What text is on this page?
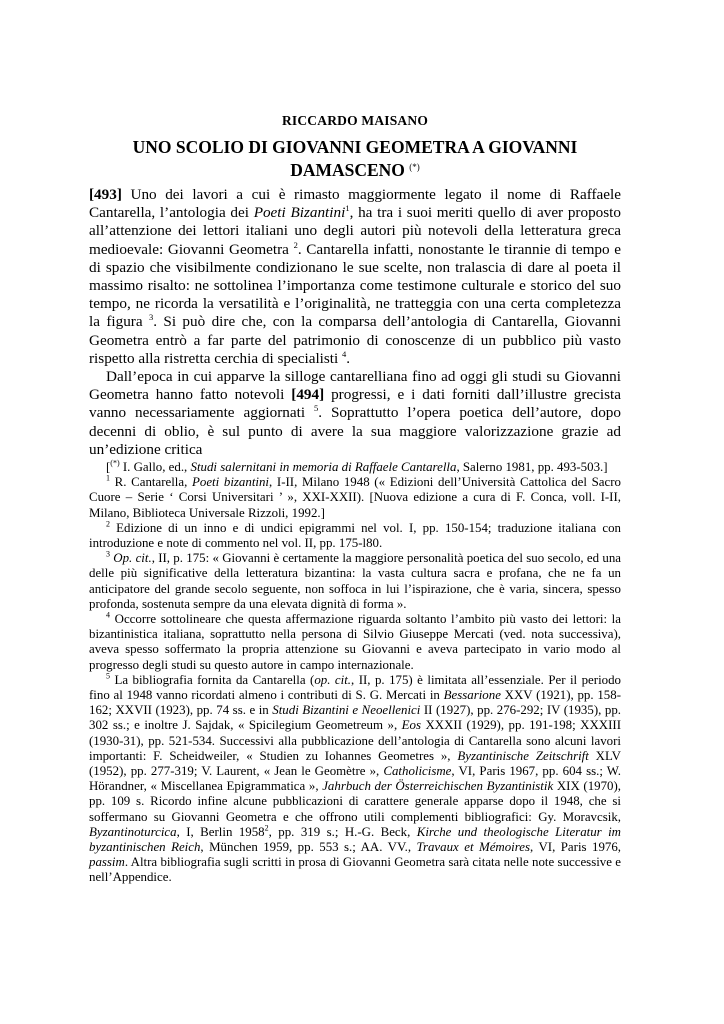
RICCARDO MAISANO
UNO SCOLIO DI GIOVANNI GEOMETRA A GIOVANNI DAMASCENO (*)

[493] Uno dei lavori a cui è rimasto maggiormente legato il nome di Raffaele Cantarella, l’antologia dei Poeti Bizantini$^1$, ha tra i suoi meriti quello di aver proposto all’attenzione dei lettori italiani uno degli autori più notevoli della letteratura greca medioevale: Giovanni Geometra $^2$. Cantarella infatti, nonostante le tirannie di tempo e di spazio che visibilmente condizionano le sue scelte, non tralascia di dare al poeta il massimo risalto: ne sottolinea l’importanza come testimone culturale e storico del suo tempo, ne ricorda la versatilità e l’originalità, ne tratteggia con una certa completezza la figura $^3$. Si può dire che, con la comparsa dell’antologia di Cantarella, Giovanni Geometra entrò a far parte del patrimonio di conoscenze di un pubblico più vasto rispetto alla ristretta cerchia di specialisti $^4$.

Dall’epoca in cui apparve la silloge cantarelliana fino ad oggi gli studi su Giovanni Geometra hanno fatto notevoli [494] progressi, e i dati forniti dall’illustre grecista vanno necessariamente aggiornati $^5$. Soprattutto l’opera poetica dell’autore, dopo decenni di oblio, è sul punto di avere la sua maggiore valorizzazione grazie ad un’edizione critica

[(*) I. Gallo, ed., Studi salernitani in memoria di Raffaele Cantarella, Salerno 1981, pp. 493-503.]

$^1$ R. Cantarella, Poeti bizantini, I-II, Milano 1948 (« Edizioni dell’Università Cattolica del Sacro Cuore – Serie ‘ Corsi Universitari ’ », XXI-XXII). [Nuova edizione a cura di F. Conca, voll. I-II, Milano, Biblioteca Universale Rizzoli, 1992.]

$^2$ Edizione di un inno e di undici epigrammi nel vol. I, pp. 150-154; traduzione italiana con introduzione e note di commento nel vol. II, pp. 175-l80.

$^3$ Op. cit., II, p. 175: « Giovanni è certamente la maggiore personalità poetica del suo secolo, ed una delle più significative della letteratura bizantina: la vasta cultura sacra e profana, che ne fa un anticipatore del grande secolo seguente, non soffoca in lui l’ispirazione, che è varia, sincera, spesso profonda, sostenuta sempre da una elevata dignità di forma ».

$^4$ Occorre sottolineare che questa affermazione riguarda soltanto l’ambito più vasto dei lettori: la bizantinistica italiana, soprattutto nella persona di Silvio Giuseppe Mercati (ved. nota successiva), aveva spesso soffermato la propria attenzione su Giovanni e aveva partecipato in vario modo al progresso degli studi su questo autore in campo internazionale.

$^5$ La bibliografia fornita da Cantarella (op. cit., II, p. 175) è limitata all’essenziale. Per il periodo fino al 1948 vanno ricordati almeno i contributi di S. G. Mercati in Bessarione XXV (1921), pp. 158-162; XXVII (1923), pp. 74 ss. e in Studi Bizantini e Neoellenici II (1927), pp. 276-292; IV (1935), pp. 302 ss.; e inoltre J. Sajdak, « Spicilegium Geometreum », Eos XXXII (1929), pp. 191-198; XXXIII (1930-31), pp. 521-534. Successivi alla pubblicazione dell’antologia di Cantarella sono alcuni lavori importanti: F. Scheidweiler, « Studien zu Iohannes Geometres », Byzantinische Zeitschrift XLV (1952), pp. 277-319; V. Laurent, « Jean le Geomètre », Catholicisme, VI, Paris 1967, pp. 604 ss.; W. Hörandner, « Miscellanea Epigrammatica », Jahrbuch der Österreichischen Byzantinistik XIX (1970), pp. 109 s. Ricordo infine alcune pubblicazioni di carattere generale apparse dopo il 1948, che si soffermano su Giovanni Geometra e che offrono utili complementi bibliografici: Gy. Moravcsik, Byzantinoturcica, I, Berlin 1958$^2$, pp. 319 s.; H.-G. Beck, Kirche und theologische Literatur im byzantinischen Reich, München 1959, pp. 553 s.; AA. VV., Travaux et Mémoires, VI, Paris 1976, passim. Altra bibliografia sugli scritti in prosa di Giovanni Geometra sarà citata nelle note successive e nell’Appendice.
